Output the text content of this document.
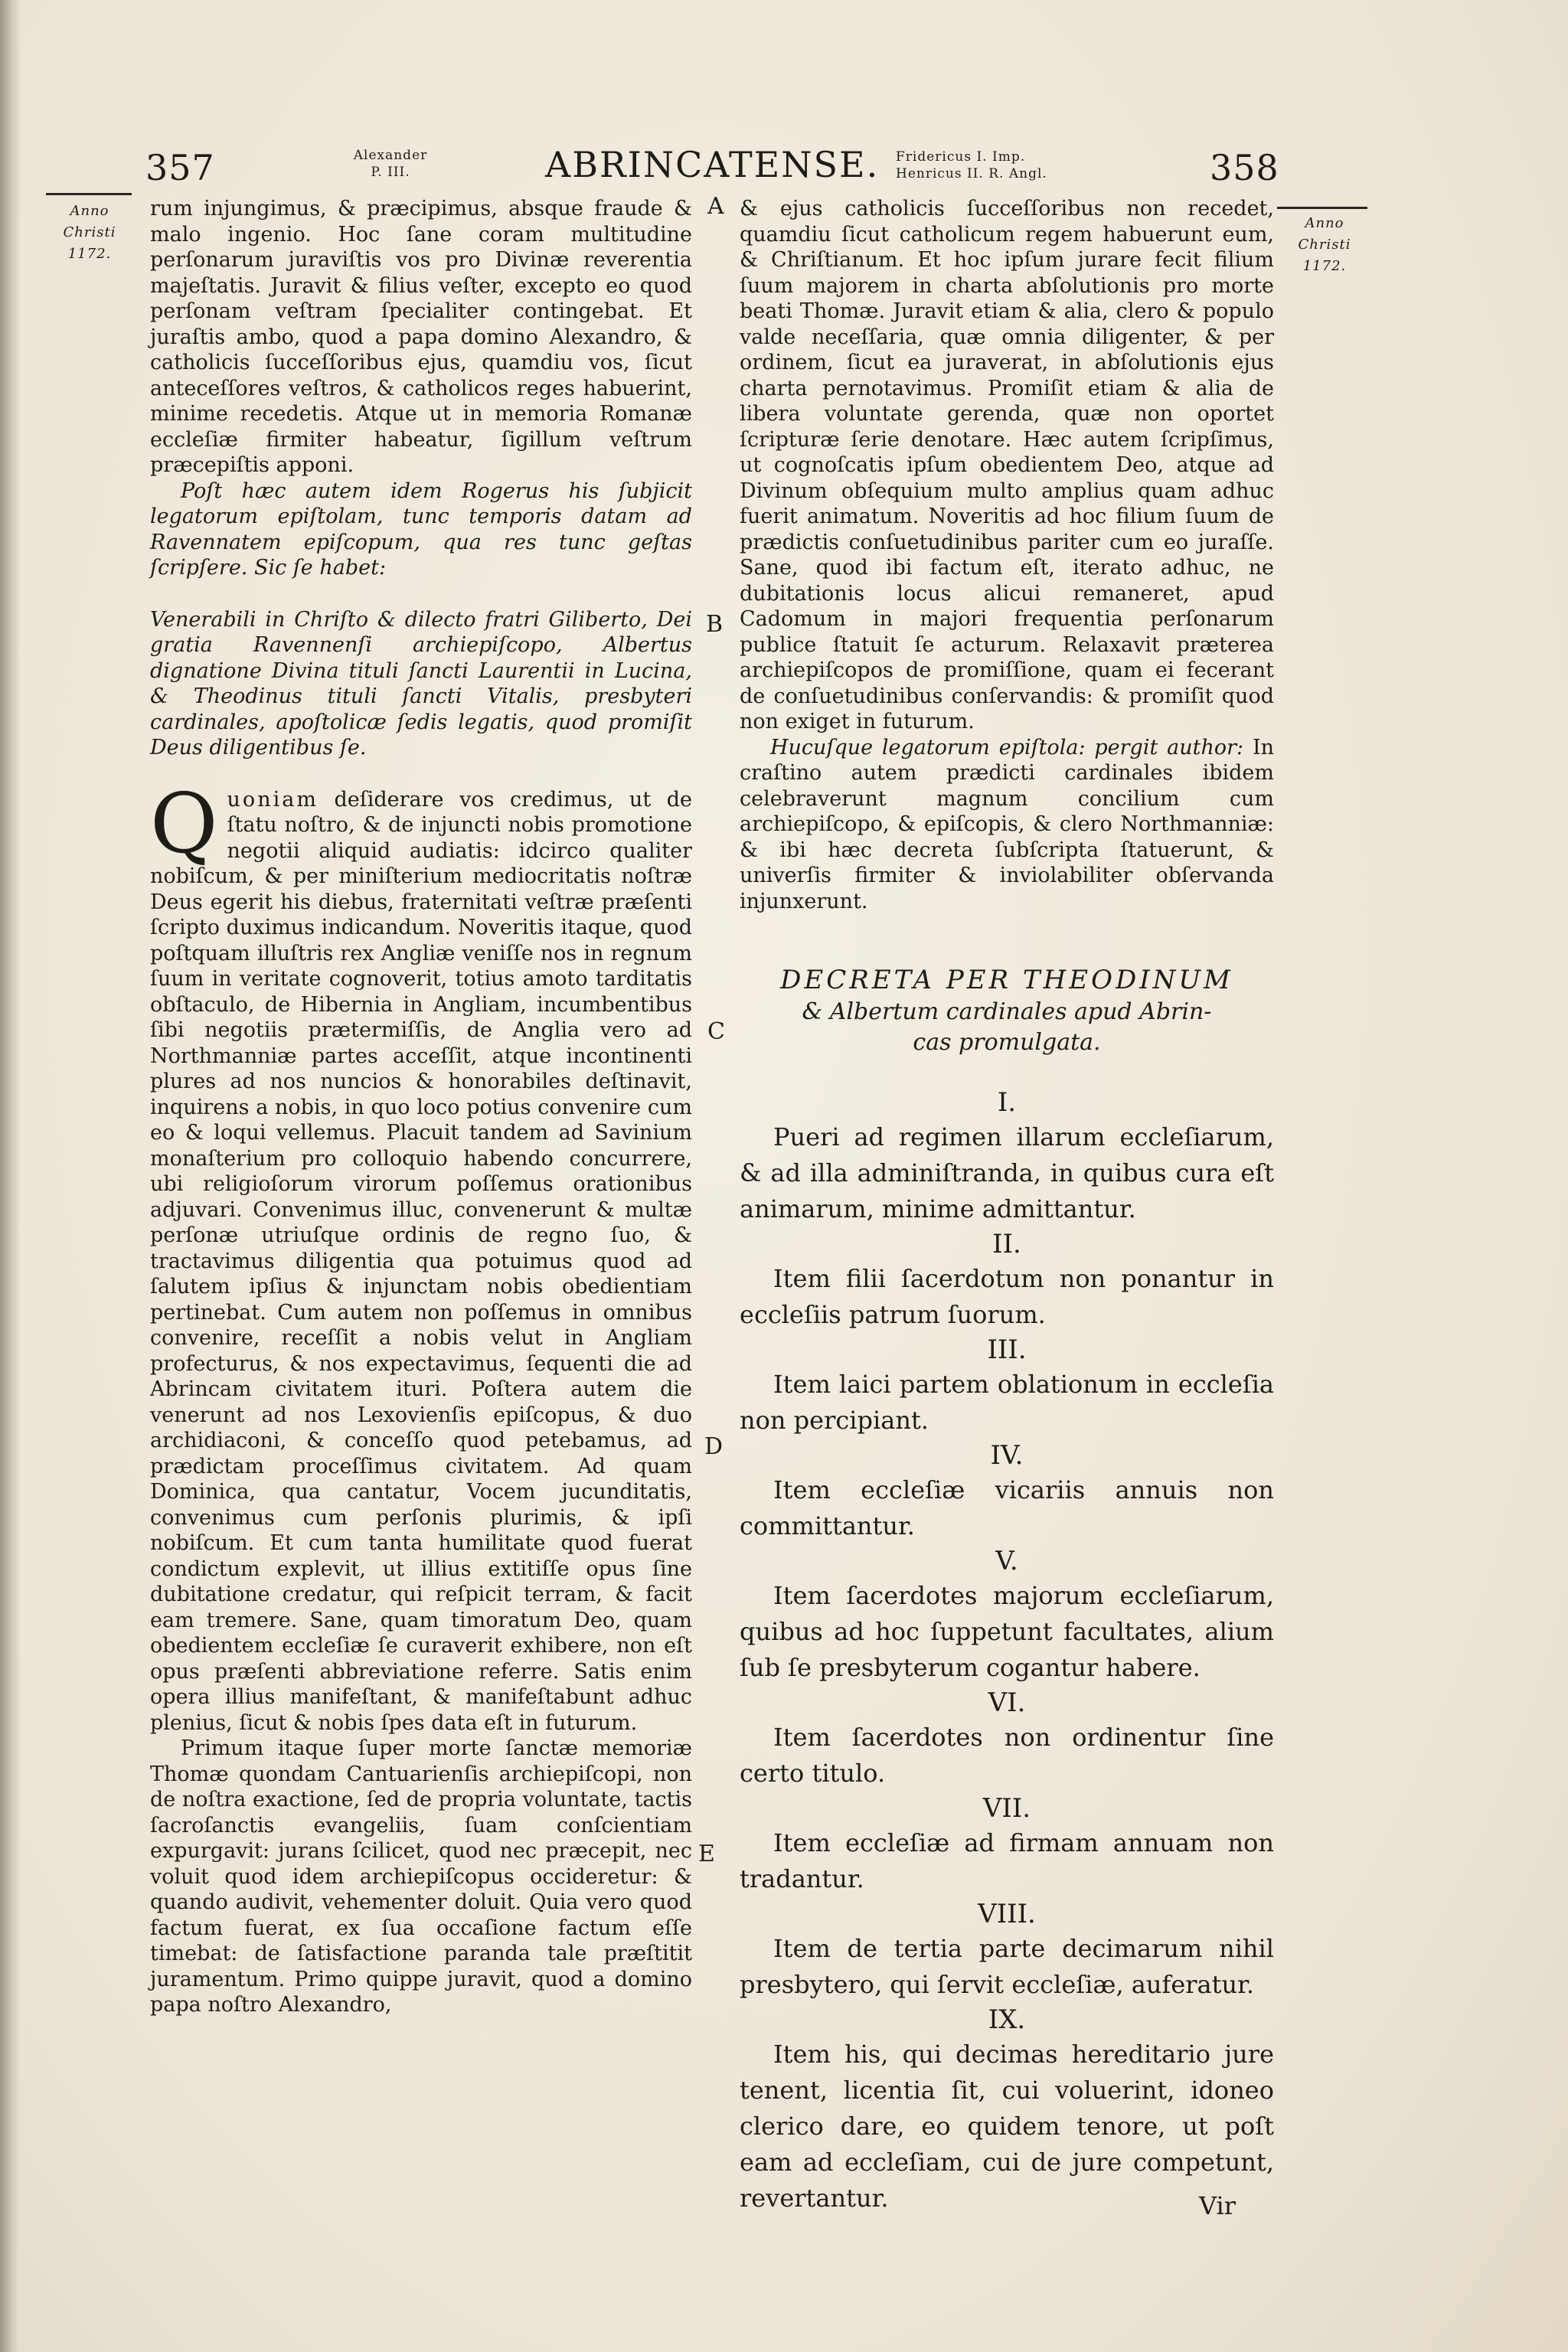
357	Alexander
P. III.	ABRINCATENSE. Fridericus I. Imp.
Henricus II. R. Angl.	358
Anno
Christi
1172.
Anno
Christi
1172.
A
B
C
D
E

rum injungimus, & præcipimus, absque fraude & malo ingenio. Hoc ſane coram multitudine perſonarum juraviſtis vos pro Divinæ reverentia majeſtatis. Juravit & filius veſter, excepto eo quod perſonam veſtram ſpecialiter contingebat. Et juraſtis ambo, quod a papa domino Alexandro, & catholicis ſucceſſoribus ejus, quamdiu vos, ſicut anteceſſores veſtros, & catholicos reges habuerint, minime recedetis. Atque ut in memoria Romanæ eccleſiæ firmiter habeatur, ſigillum veſtrum præcepiſtis apponi.

Poſt hæc autem idem Rogerus his ſubjicit legatorum epiſtolam, tunc temporis datam ad Ravennatem epiſcopum, qua res tunc geſtas ſcripſere. Sic ſe habet:

Venerabili in Chriſto & dilecto fratri Giliberto, Dei gratia Ravennenſi archiepiſcopo, Albertus dignatione Divina tituli ſancti Laurentii in Lucina, & Theodinus tituli ſancti Vitalis, presbyteri cardinales, apoſtolicæ ſedis legatis, quod promiſit Deus diligentibus ſe.

Quoniam deſiderare vos credimus, ut de ſtatu noſtro, & de injuncti nobis promotione negotii aliquid audiatis: idcirco qualiter nobiſcum, & per miniſterium mediocritatis noſtræ Deus egerit his diebus, fraternitati veſtræ præſenti ſcripto duximus indicandum. Noveritis itaque, quod poſtquam illuſtris rex Angliæ veniſſe nos in regnum ſuum in veritate cognoverit, totius amoto tarditatis obſtaculo, de Hibernia in Angliam, incumbentibus ſibi negotiis prætermiſſis, de Anglia vero ad Northmanniæ partes acceſſit, atque incontinenti plures ad nos nuncios & honorabiles deſtinavit, inquirens a nobis, in quo loco potius convenire cum eo & loqui vellemus. Placuit tandem ad Savinium monaſterium pro colloquio habendo concurrere, ubi religioſorum virorum poſſemus orationibus adjuvari. Convenimus illuc, convenerunt & multæ perſonæ utriuſque ordinis de regno ſuo, & tractavimus diligentia qua potuimus quod ad ſalutem ipſius & injunctam nobis obedientiam pertinebat. Cum autem non poſſemus in omnibus convenire, receſſit a nobis velut in Angliam profecturus, & nos expectavimus, ſequenti die ad Abrincam civitatem ituri. Poſtera autem die venerunt ad nos Lexovienſis epiſcopus, & duo archidiaconi, & conceſſo quod petebamus, ad prædictam proceſſimus civitatem. Ad quam Dominica, qua cantatur, Vocem jucunditatis, convenimus cum perſonis plurimis, & ipſi nobiſcum. Et cum tanta humilitate quod fuerat condictum explevit, ut illius extitiſſe opus ſine dubitatione credatur, qui reſpicit terram, & facit eam tremere. Sane, quam timoratum Deo, quam obedientem eccleſiæ ſe curaverit exhibere, non eſt opus præſenti abbreviatione referre. Satis enim opera illius manifeſtant, & manifeſtabunt adhuc plenius, ſicut & nobis ſpes data eſt in futurum.

Primum itaque ſuper morte ſanctæ memoriæ Thomæ quondam Cantuarienſis archiepiſcopi, non de noſtra exactione, ſed de propria voluntate, tactis ſacroſanctis evangeliis, ſuam conſcientiam expurgavit: jurans ſcilicet, quod nec præcepit, nec voluit quod idem archiepiſcopus occideretur: & quando audivit, vehementer doluit. Quia vero quod factum fuerat, ex ſua occaſione factum eſſe timebat: de ſatisfactione paranda tale præſtitit juramentum. Primo quippe juravit, quod a domino papa noſtro Alexandro,

& ejus catholicis ſucceſſoribus non recedet, quamdiu ſicut catholicum regem habuerunt eum, & Chriſtianum. Et hoc ipſum jurare fecit filium ſuum majorem in charta abſolutionis pro morte beati Thomæ. Juravit etiam & alia, clero & populo valde neceſſaria, quæ omnia diligenter, & per ordinem, ſicut ea juraverat, in abſolutionis ejus charta pernotavimus. Promiſit etiam & alia de libera voluntate gerenda, quæ non oportet ſcripturæ ſerie denotare. Hæc autem ſcripſimus, ut cognoſcatis ipſum obedientem Deo, atque ad Divinum obſequium multo amplius quam adhuc fuerit animatum. Noveritis ad hoc filium ſuum de prædictis conſuetudinibus pariter cum eo juraſſe. Sane, quod ibi factum eſt, iterato adhuc, ne dubitationis locus alicui remaneret, apud Cadomum in majori frequentia perſonarum publice ſtatuit ſe acturum. Relaxavit prætereа archiepiſcopos de promiſſione, quam ei fecerant de conſuetudinibus conſervandis: & promiſit quod non exiget in futurum.

Hucuſque legatorum epiſtola: pergit author: In craſtino autem prædicti cardinales ibidem celebraverunt magnum concilium cum archiepiſcopo, & epiſcopis, & clero Northmanniæ: & ibi hæc decreta ſubſcripta ſtatuerunt, & univerſis firmiter & inviolabiliter obſervanda injunxerunt.

DECRETA PER THEODINUM
& Albertum cardinales apud Abrin-
cas promulgata.

I.

Pueri ad regimen illarum eccleſiarum, & ad illa adminiſtranda, in quibus cura eſt animarum, minime admittantur.

II.

Item filii ſacerdotum non ponantur in eccleſiis patrum ſuorum.

III.

Item laici partem oblationum in eccleſia non percipiant.

IV.

Item eccleſiæ vicariis annuis non committantur.

V.

Item ſacerdotes majorum eccleſiarum, quibus ad hoc ſuppetunt facultates, alium ſub ſe presbyterum cogantur habere.

VI.

Item ſacerdotes non ordinentur ſine certo titulo.

VII.

Item eccleſiæ ad firmam annuam non tradantur.

VIII.

Item de tertia parte decimarum nihil presbytero, qui ſervit eccleſiæ, auferatur.

IX.

Item his, qui decimas hereditario jure tenent, licentia ſit, cui voluerint, idoneo clerico dare, eo quidem tenore, ut poſt eam ad eccleſiam, cui de jure competunt, revertantur.	Vir
